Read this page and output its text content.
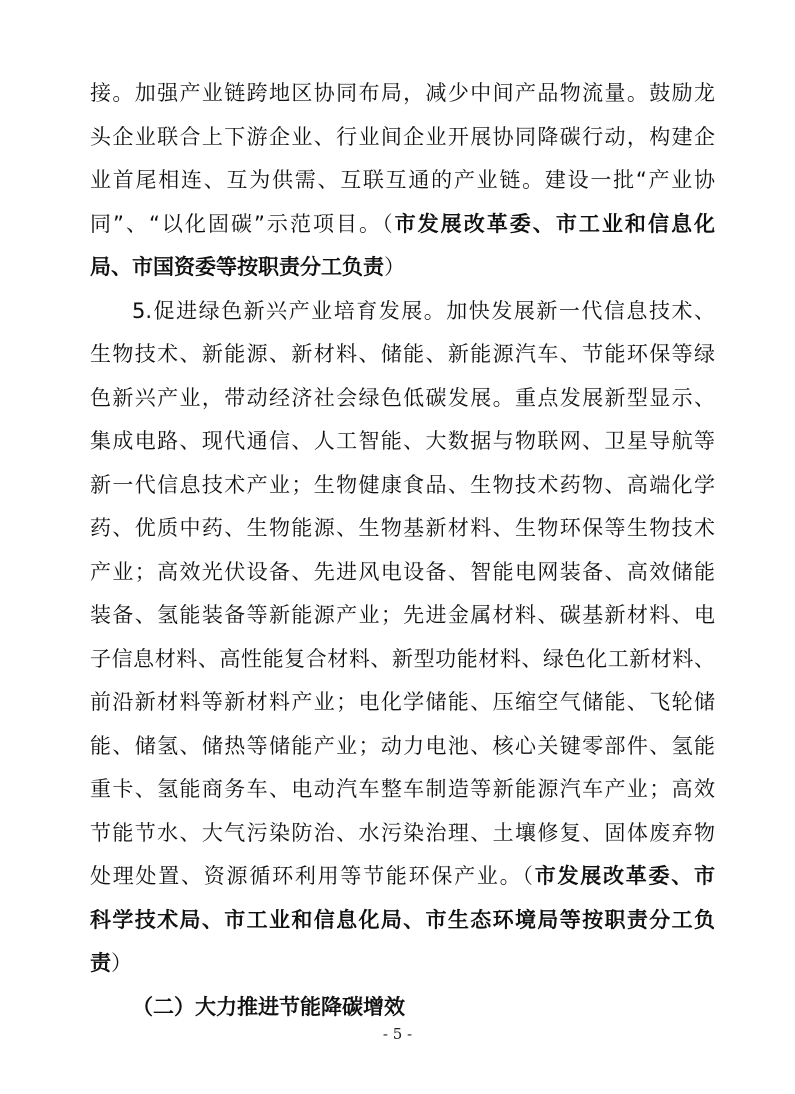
接。加强产业链跨地区协同布局，减少中间产品物流量。鼓励龙
头企业联合上下游企业、行业间企业开展协同降碳行动，构建企
业首尾相连、互为供需、互联互通的产业链。建设一批“产业协
同”、“以化固碳”示范项目。（市发展改革委、市工业和信息化
局、市国资委等按职责分工负责）
5.促进绿色新兴产业培育发展。加快发展新一代信息技术、
生物技术、新能源、新材料、储能、新能源汽车、节能环保等绿
色新兴产业，带动经济社会绿色低碳发展。重点发展新型显示、
集成电路、现代通信、人工智能、大数据与物联网、卫星导航等
新一代信息技术产业；生物健康食品、生物技术药物、高端化学
药、优质中药、生物能源、生物基新材料、生物环保等生物技术
产业；高效光伏设备、先进风电设备、智能电网装备、高效储能
装备、氢能装备等新能源产业；先进金属材料、碳基新材料、电
子信息材料、高性能复合材料、新型功能材料、绿色化工新材料、
前沿新材料等新材料产业；电化学储能、压缩空气储能、飞轮储
能、储氢、储热等储能产业；动力电池、核心关键零部件、氢能
重卡、氢能商务车、电动汽车整车制造等新能源汽车产业；高效
节能节水、大气污染防治、水污染治理、土壤修复、固体废弃物
处理处置、资源循环利用等节能环保产业。（市发展改革委、市
科学技术局、市工业和信息化局、市生态环境局等按职责分工负
责）
（二）大力推进节能降碳增效
- 5 -
